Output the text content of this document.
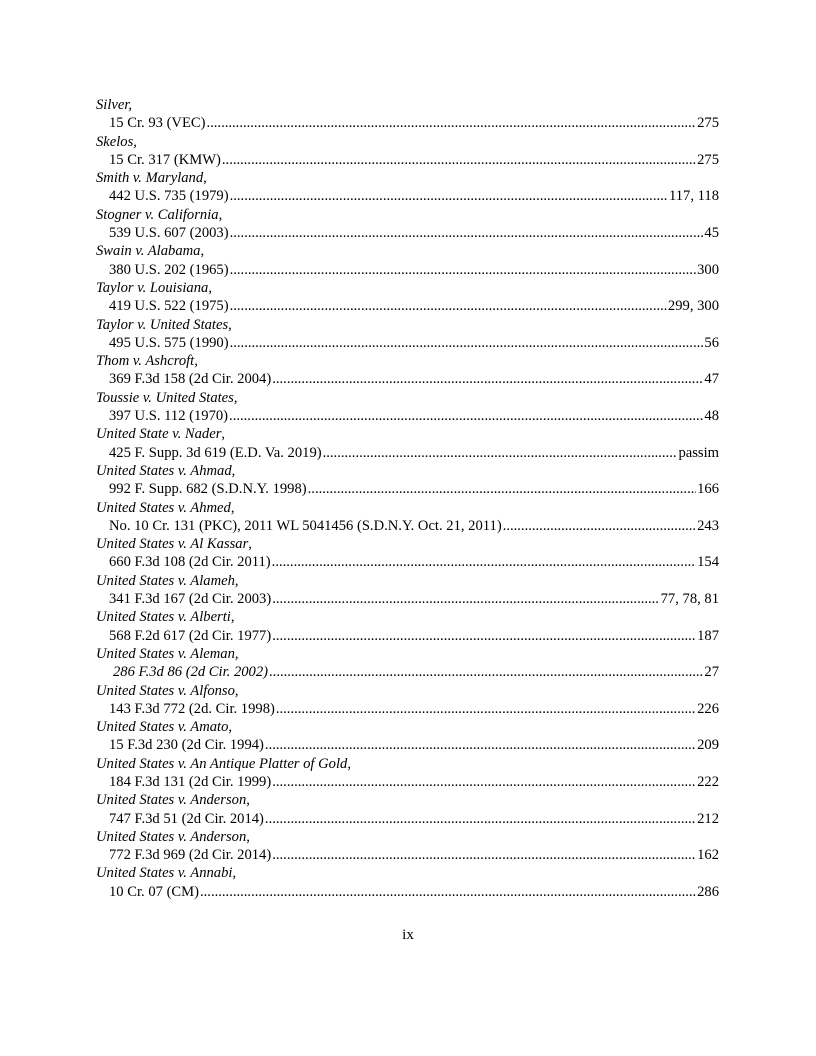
Silver,
15 Cr. 93 (VEC) .....	275
Skelos,
15 Cr. 317 (KMW) .....	275
Smith v. Maryland,
442 U.S. 735 (1979) .....	117, 118
Stogner v. California,
539 U.S. 607 (2003) .....	45
Swain v. Alabama,
380 U.S. 202 (1965) .....	300
Taylor v. Louisiana,
419 U.S. 522 (1975) .....	299, 300
Taylor v. United States,
495 U.S. 575 (1990) .....	56
Thom v. Ashcroft,
369 F.3d 158 (2d Cir. 2004) .....	47
Toussie v. United States,
397 U.S. 112 (1970) .....	48
United State v. Nader,
425 F. Supp. 3d 619 (E.D. Va. 2019) .....	passim
United States v. Ahmad,
992 F. Supp. 682 (S.D.N.Y. 1998) .....	166
United States v. Ahmed,
No. 10 Cr. 131 (PKC), 2011 WL 5041456 (S.D.N.Y. Oct. 21, 2011) .....	243
United States v. Al Kassar,
660 F.3d 108 (2d Cir. 2011) .....	154
United States v. Alameh,
341 F.3d 167 (2d Cir. 2003) .....	77, 78, 81
United States v. Alberti,
568 F.2d 617 (2d Cir. 1977) .....	187
United States v. Aleman,
286 F.3d 86 (2d Cir. 2002) .....	27
United States v. Alfonso,
143 F.3d 772 (2d. Cir. 1998) .....	226
United States v. Amato,
15 F.3d 230 (2d Cir. 1994) .....	209
United States v. An Antique Platter of Gold,
184 F.3d 131 (2d Cir. 1999) .....	222
United States v. Anderson,
747 F.3d 51 (2d Cir. 2014) .....	212
United States v. Anderson,
772 F.3d 969 (2d Cir. 2014) .....	162
United States v. Annabi,
10 Cr. 07 (CM) .....	286
ix
